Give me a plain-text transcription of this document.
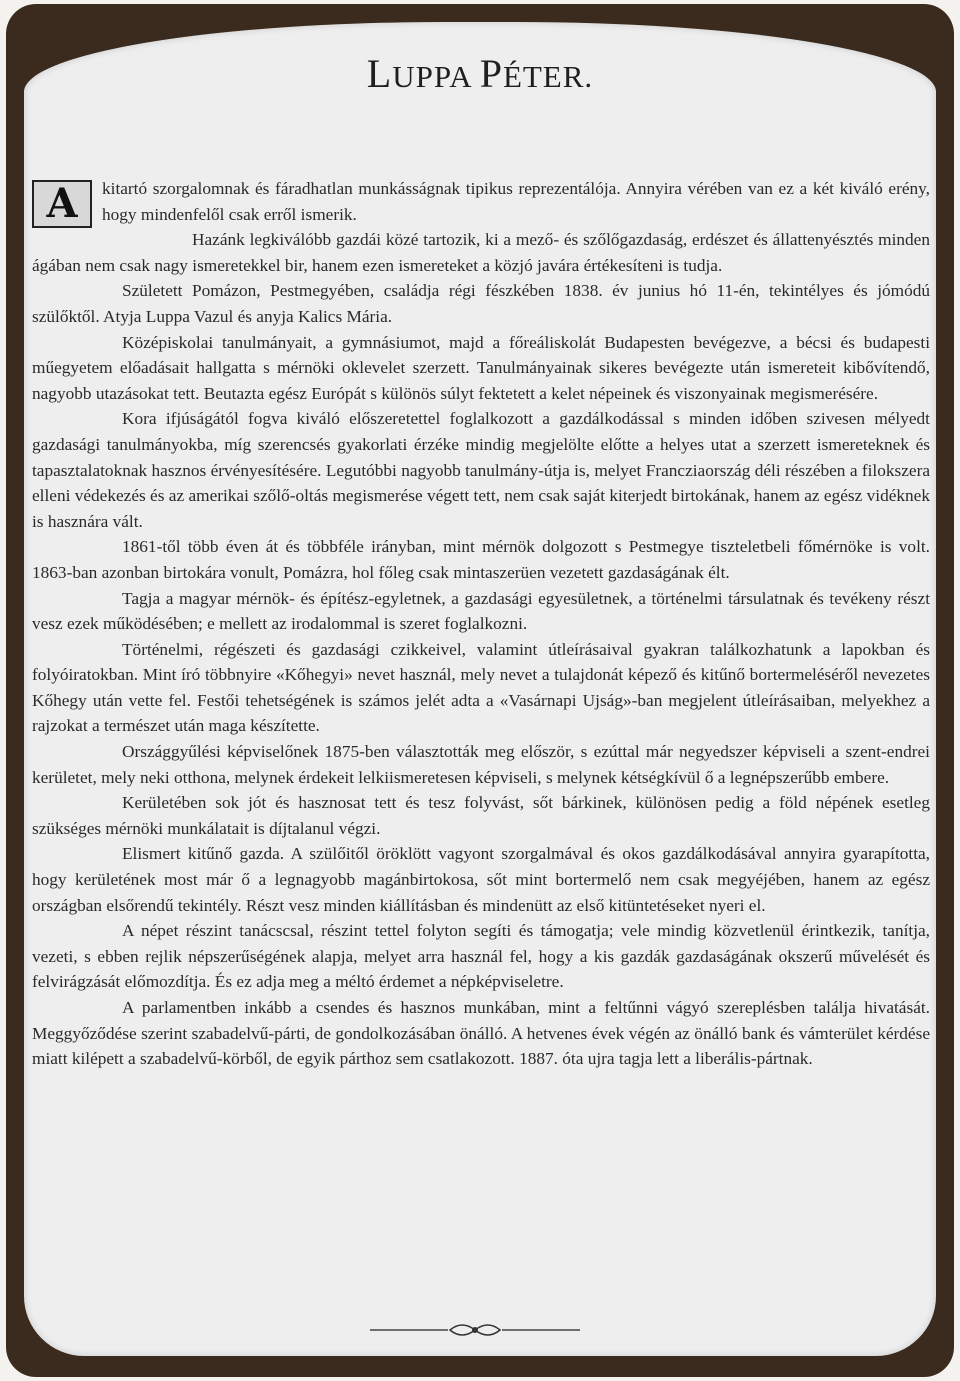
LUPPA PÉTER.

A	kitartó szorgalomnak és fáradhatlan munkásságnak tipikus reprezentálója. Annyira vérében van ez a két kiváló erény, hogy mindenfelől csak erről ismerik.

Hazánk legkiválóbb gazdái közé tartozik, ki a mező- és szőlőgazdaság, erdészet és állattenyésztés minden ágában nem csak nagy ismeretekkel bir, hanem ezen ismereteket a közjó javára értékesíteni is tudja.

Született Pomázon, Pestmegyében, családja régi fészkében 1838. év junius hó 11-én, tekintélyes és jómódú szülőktől. Atyja Luppa Vazul és anyja Kalics Mária.

Középiskolai tanulmányait, a gymnásiumot, majd a főreáliskolát Budapesten bevégezve, a bécsi és budapesti műegyetem előadásait hallgatta s mérnöki oklevelet szerzett. Tanulmányainak sikeres bevégezte után ismereteit kibővítendő, nagyobb utazásokat tett. Beutazta egész Európát s különös súlyt fektetett a kelet népeinek és viszonyainak megismerésére.

Kora ifjúságától fogva kiváló előszeretettel foglalkozott a gazdálkodással s minden időben szivesen mélyedt gazdasági tanulmányokba, míg szerencsés gyakorlati érzéke mindig megjelölte előtte a helyes utat a szerzett ismereteknek és tapasztalatoknak hasznos érvényesítésére. Legutóbbi nagyobb tanulmány-útja is, melyet Francziaország déli részében a filokszera elleni védekezés és az amerikai szőlő-oltás megismerése végett tett, nem csak saját kiterjedt birtokának, hanem az egész vidéknek is hasznára vált.

1861-től több éven át és többféle irányban, mint mérnök dolgozott s Pestmegye tiszteletbeli főmérnöke is volt. 1863-ban azonban birtokára vonult, Pomázra, hol főleg csak mintaszerüen vezetett gazdaságának élt.

Tagja a magyar mérnök- és építész-egyletnek, a gazdasági egyesületnek, a történelmi társulatnak és tevékeny részt vesz ezek működésében; e mellett az irodalommal is szeret foglalkozni.

Történelmi, régészeti és gazdasági czikkeivel, valamint útleírásaival gyakran találkozhatunk a lapokban és folyóiratokban. Mint író többnyire «Kőhegyi» nevet használ, mely nevet a tulajdonát képező és kitűnő bortermeléséről nevezetes Kőhegy után vette fel. Festői tehetségének is számos jelét adta a «Vasárnapi Ujság»-ban megjelent útleírásaiban, melyekhez a rajzokat a természet után maga készítette.

Országgyűlési képviselőnek 1875-ben választották meg először, s ezúttal már negyedszer képviseli a szent-endrei kerületet, mely neki otthona, melynek érdekeit lelkiismeretesen képviseli, s melynek kétségkívül ő a legnépszerűbb embere.

Kerületében sok jót és hasznosat tett és tesz folyvást, sőt bárkinek, különösen pedig a föld népének esetleg szükséges mérnöki munkálatait is díjtalanul végzi.

Elismert kitűnő gazda. A szülőitől öröklött vagyont szorgalmával és okos gazdálkodásával annyira gyarapította, hogy kerületének most már ő a legnagyobb magánbirtokosa, sőt mint bortermelő nem csak megyéjében, hanem az egész országban elsőrendű tekintély. Részt vesz minden kiállításban és mindenütt az első kitüntetéseket nyeri el.

A népet részint tanácscsal, részint tettel folyton segíti és támogatja; vele mindig közvetlenül érintkezik, tanítja, vezeti, s ebben rejlik népszerűségének alapja, melyet arra használ fel, hogy a kis gazdák gazdaságának okszerű művelését és felvirágzását előmozdítja. És ez adja meg a méltó érdemet a népképviseletre.

A parlamentben inkább a csendes és hasznos munkában, mint a feltűnni vágyó szereplésben találja hivatását. Meggyőződése szerint szabadelvű-párti, de gondolkozásában önálló. A hetvenes évek végén az önálló bank és vámterület kérdése miatt kilépett a szabadelvű-körből, de egyik párthoz sem csatlakozott. 1887. óta ujra tagja lett a liberális-pártnak.
